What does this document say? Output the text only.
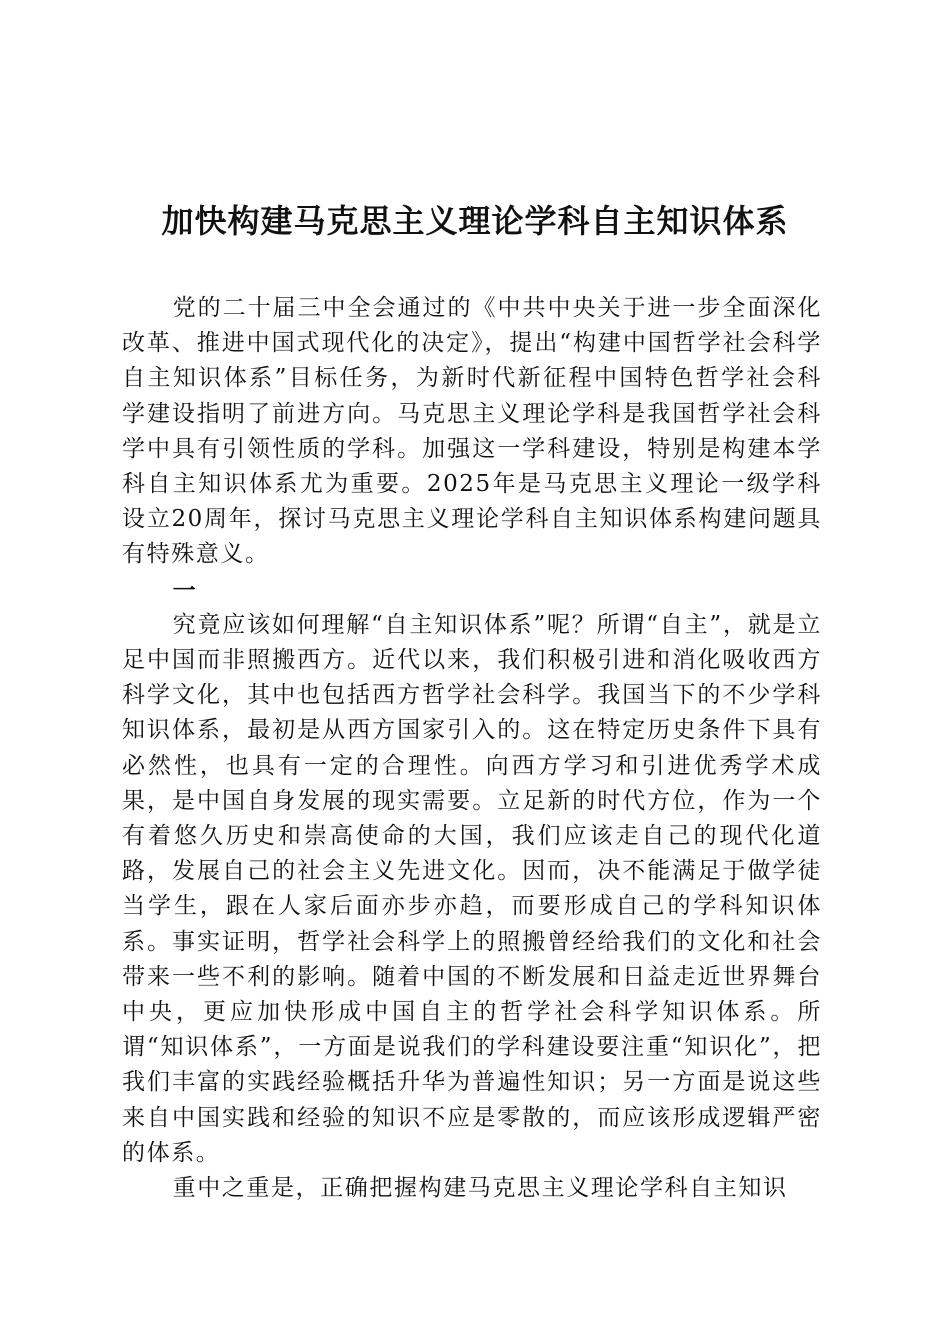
加快构建马克思主义理论学科自主知识体系

党的二十届三中全会通过的《中共中央关于进一步全面深化改革、推进中国式现代化的决定》，提出“构建中国哲学社会科学自主知识体系”目标任务，为新时代新征程中国特色哲学社会科学建设指明了前进方向。马克思主义理论学科是我国哲学社会科学中具有引领性质的学科。加强这一学科建设，特别是构建本学科自主知识体系尤为重要。2025年是马克思主义理论一级学科设立20周年，探讨马克思主义理论学科自主知识体系构建问题具有特殊意义。

一

究竟应该如何理解“自主知识体系”呢？所谓“自主”，就是立足中国而非照搬西方。近代以来，我们积极引进和消化吸收西方科学文化，其中也包括西方哲学社会科学。我国当下的不少学科知识体系，最初是从西方国家引入的。这在特定历史条件下具有必然性，也具有一定的合理性。向西方学习和引进优秀学术成果，是中国自身发展的现实需要。立足新的时代方位，作为一个有着悠久历史和崇高使命的大国，我们应该走自己的现代化道路，发展自己的社会主义先进文化。因而，决不能满足于做学徒当学生，跟在人家后面亦步亦趋，而要形成自己的学科知识体系。事实证明，哲学社会科学上的照搬曾经给我们的文化和社会带来一些不利的影响。随着中国的不断发展和日益走近世界舞台中央，更应加快形成中国自主的哲学社会科学知识体系。所谓“知识体系”，一方面是说我们的学科建设要注重“知识化”，把我们丰富的实践经验概括升华为普遍性知识；另一方面是说这些来自中国实践和经验的知识不应是零散的，而应该形成逻辑严密的体系。

重中之重是，正确把握构建马克思主义理论学科自主知识
